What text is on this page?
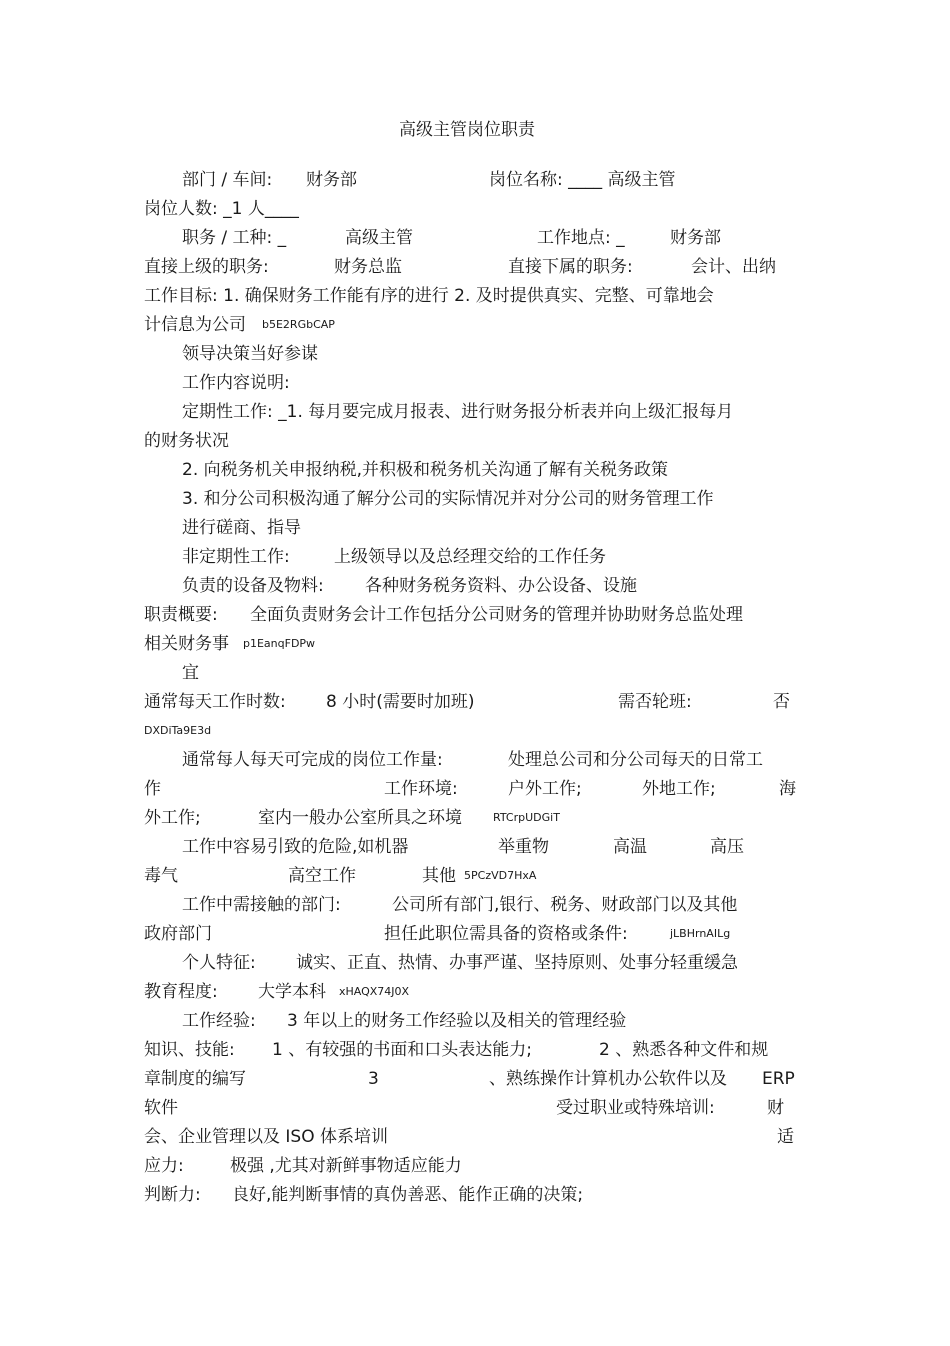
高级主管岗位职责
部门 / 车间: 财务部	岗位名称: ____ 高级主管
岗位人数: _1 人____
职务 / 工种: _	高级主管	工作地点: _	财务部
直接上级的职务:	财务总监	直接下属的职务:	会计、出纳
工作目标: 1. 确保财务工作能有序的进行 2. 及时提供真实、完整、可靠地会
计信息为公司 b5E2RGbCAP
领导决策当好参谋
工作内容说明:
定期性工作: _1. 每月要完成月报表、进行财务报分析表并向上级汇报每月
的财务状况
2. 向税务机关申报纳税,并积极和税务机关沟通了解有关税务政策
3. 和分公司积极沟通了解分公司的实际情况并对分公司的财务管理工作
进行磋商、指导
非定期性工作:	上级领导以及总经理交给的工作任务
负责的设备及物料: 各种财务税务资料、办公设备、设施
职责概要: 全面负责财务会计工作包括分公司财务的管理并协助财务总监处理
相关财务事 p1EanqFDPw
宜
通常每天工作时数: 8 小时(需要时加班)	需否轮班:	否
DXDiTa9E3d
通常每人每天可完成的岗位工作量:	处理总公司和分公司每天的日常工
作	工作环境:	户外工作;	外地工作;	海
外工作;	室内一般办公室所具之环境	RTCrpUDGiT
工作中容易引致的危险,如机器	举重物	高温	高压
毒气	高空工作	其他 5PCzVD7HxA
工作中需接触的部门:	公司所有部门,银行、税务、财政部门以及其他
政府部门	担任此职位需具备的资格或条件:	jLBHrnAILg
个人特征: 诚实、正直、热情、办事严谨、坚持原则、处事分轻重缓急
教育程度: 大学本科 xHAQX74J0X
工作经验: 3 年以上的财务工作经验以及相关的管理经验
知识、技能: 1 、有较强的书面和口头表达能力;	2 、熟悉各种文件和规
章制度的编写	3	、熟练操作计算机办公软件以及 ERP
软件	受过职业或特殊培训:	财
会、企业管理以及 ISO 体系培训	适
应力:	极强 ,尤其对新鲜事物适应能力
判断力: 良好,能判断事情的真伪善恶、能作正确的决策;
